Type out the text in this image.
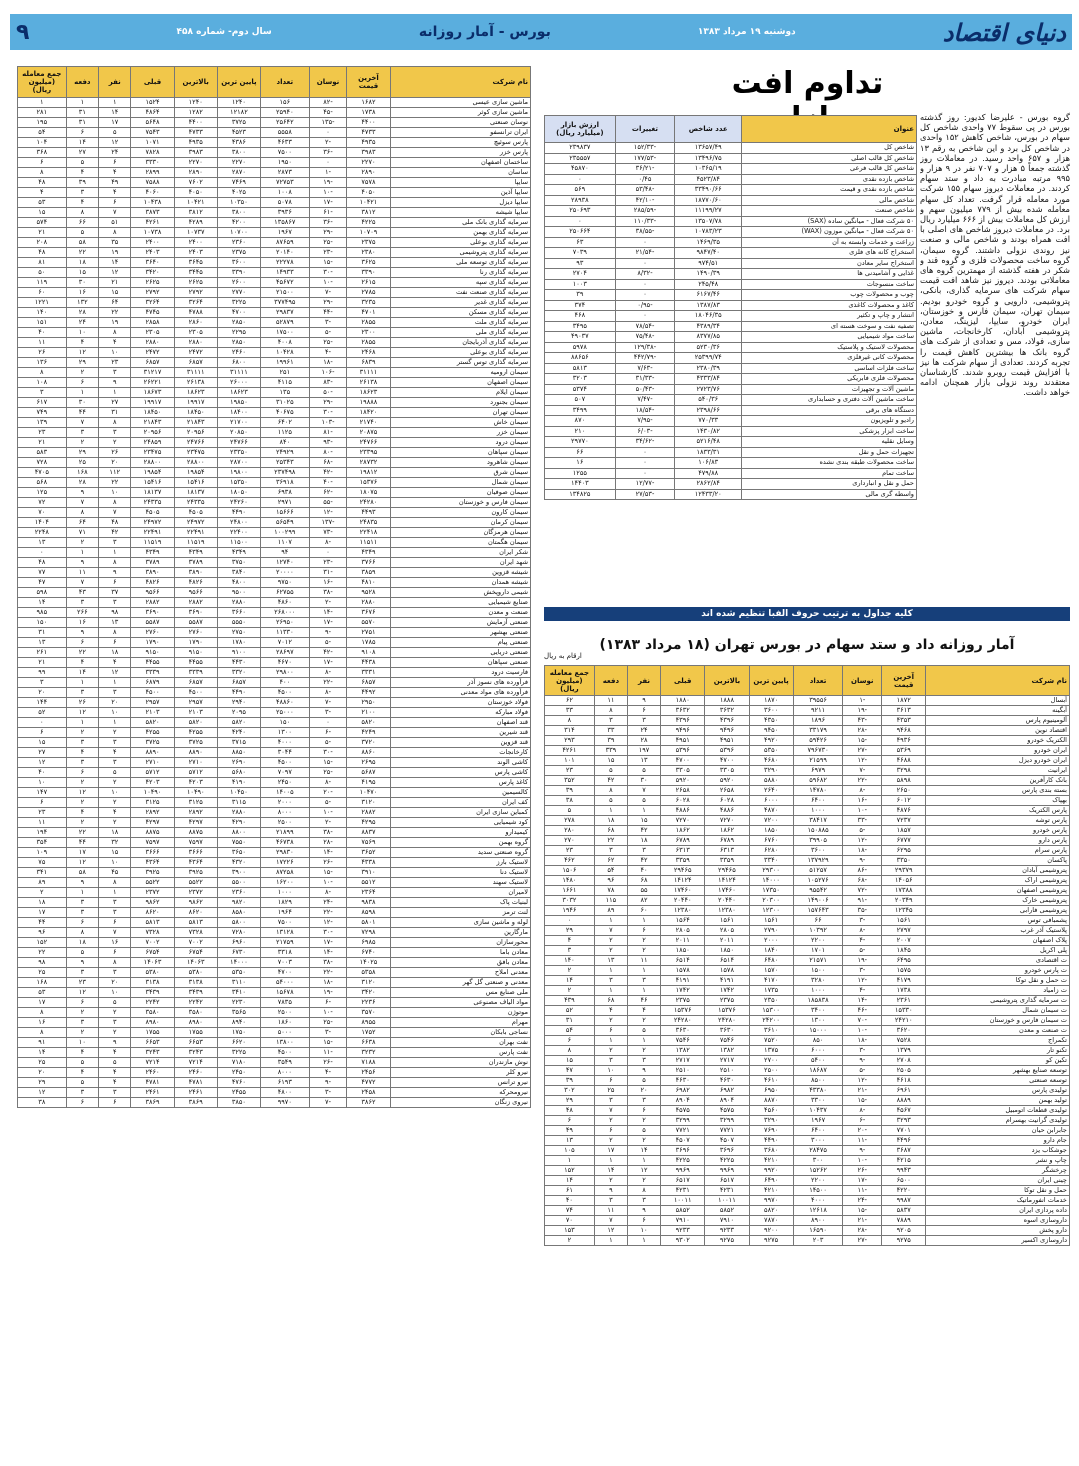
دنیای اقتصاد
دوشنبه ۱۹ مرداد ۱۳۸۳
بورس - آمار روزانه
سال دوم- شماره ۴۵۸
۹
تداوم افت
گروه بورس - علیرضا کدیور: روز گذشته بورس در پی سقوط ۷۷ واحدی شاخص کل سهام در بورس، شاخص کاهش ۱۵۲ واحدی در شاخص کل برد و این شاخص به رقم ۱۳ هزار و ۶۵۷ واحد رسید. در معاملات روز گذشته جمعاً ۵ هزار و ۷۰۷ نفر در ۹ هزار و ۹۹۵ مرتبه مبادرت به داد و ستد سهام کردند. در معاملات دیروز سهام ۱۵۵ شرکت مورد معامله قرار گرفت. تعداد کل سهام معامله شده بیش از ۷۷۹ میلیون سهم و ارزش کل معاملات بیش از ۶۶۶ میلیارد ریال برد. در معاملات دیروز شاخص های اصلی با افت همراه بودند و شاخص مالی و صنعت نیز روندی نزولی داشتند. گروه سیمان، گروه ساخت محصولات فلزی و گروه قند و شکر در هفته گذشته از مهمترین گروه های معاملاتی بودند. دیروز نیز شاهد افت قیمت سهام شرکت های سرمایه گذاری، بانکی، پتروشیمی، دارویی و گروه خودرو بودیم. سیمان تهران، سیمان فارس و خوزستان، ایران خودرو، سایپا، لیزینگ، معادن، پتروشیمی آبادان، کارخانجات، ماشین سازی، فولاد، مس و تعدادی از شرکت های گروه بانک ها بیشترین کاهش قیمت را تجربه کردند. تعدادی از سهام شرکت ها نیز با افزایش قیمت روبرو شدند. کارشناسان معتقدند روند نزولی بازار همچنان ادامه خواهد داشت.
عنوان	عدد شاخص	تغییرات	ارزش بازار (میلیارد ریال)
شاخص کل	۱۳۶۵۷/۴۹	-۱۵۲/۳۳	۲۳۹۸۳۷
شاخص کل قالب اصلی	۱۳۴۹۶/۷۵	-۱۷۷/۵۳	۲۳۵۵۵۷
شاخص کل قالب فرعی	۱۰۳۶۵/۱۹	-۳۶/۲۱	۴۵۸۷۰
شاخص بازده نقدی	۴۵۲۳/۸۴	۰/۴۵	۰
شاخص بازده نقدی و قیمت	۳۳۴۹۰/۶۶	-۵۳/۴۸	۵۶۹
شاخص مالی	۱۸۷۷۰/۶۰	-۴۲/۱۰	۲۸۹۳۸
شاخص صنعت	۱۱۱۹۹/۲۷	-۲۸۵/۵۹	۲۵۰۶۹۳
۵۰ شرکت فعال - میانگین ساده (SAX)	۱۳۵۰۷/۷۸	-۱۱۰/۳۳	۰
۵۰ شرکت فعال - میانگین موزون (WAX)	۱۰۷۸۳/۲۳	-۳۸/۵۵	۲۵۰۶۶۴
زراعت و خدمات وابسته به آن	۱۴۶۹/۳۵	۰	۶۳
استخراج کانه های فلزی	۹۸۴۷/۴۰	-۲۱/۵۴	۷۰۳۹
استخراج سایر معادن	۹۷۴/۵۱	۰	۹۳
غذایی و آشامیدنی ها	۱۴۹۰/۳۹	-۸/۳۲	۲۷۰۴
ساخت منسوجات	۲۴۵/۴۸	۰	۱۰۰۳
چوب و محصولات چوب	۶۱۶۷/۴۶	۰	۳۹
کاغذ و محصولات کاغذی	۱۳۸۷/۸۳	-۰/۹۵	۳۷۴
انتشار و چاپ و تکثیر	۱۸۰۴۶/۳۵	۰	۴۶۸
تصفیه نفت و سوخت هسته ای	۴۳۸۹/۳۴	-۷۸/۵۴	۳۴۹۵
ساخت مواد شیمیایی	۸۳۷۷/۸۵	-۷۵/۴۸	۴۹۰۳۷
محصولات لاستیک و پلاستیک	۵۲۳۰/۳۶	-۱۲۹/۳۸	۵۹۷۸
محصولات کانی غیرفلزی	۲۵۳۹۹/۷۴	-۴۴۲/۷۹	۸۸۶۵۶
ساخت فلزات اساسی	۲۳۸۰/۳۹	-۷/۶۳	۵۸۱۳
محصولات فلزی فابریکی	۴۳۳۳/۸۴	-۳۱/۳۳	۳۲۰۳
ماشین آلات و تجهیزات	۲۷۲۳/۷۶	-۵۰/۴۳	۵۳۷۴
ساخت ماشین آلات دفتری و حسابداری	۵۴۰/۳۶	-۷/۴۷	۵۰۷
دستگاه های برقی	۲۳۹۸/۶۶	-۱۸/۵۴	۳۴۹۹
رادیو و تلویزیون	۷۷۰/۳۳	-۷/۹۵	۸۷۰
ساخت ابزار پزشکی	۱۴۳۰/۸۲	-۶/۰۳	۲۱۰
وسایل نقلیه	۵۲۱۶/۴۸	-۳۴/۶۲	۲۹۷۷۰
تجهیزات حمل و نقل	۱۸۳۳/۳۱	۰	۶۶
ساخت محصولات طبقه بندی نشده	۱۰۶/۸۳	۰	۱۶
ساخت تمام	۴۷۹/۸۸	۰	۱۲۵۵
حمل و نقل و انبارداری	۲۸۶۲/۸۴	-۱۲/۷۷	۱۴۴۰۳
واسطه گری مالی	۱۲۴۳۳/۲۰	-۲۷/۵۳	۱۳۴۸۲۵
کلیه جداول به ترتیب حروف الفبا تنظیم شده اند
آمار روزانه داد و ستد سهام در بورس تهران (۱۸ مرداد ۱۳۸۳)
ارقام به ریال
نام شرکت	آخرین قیمت	نوسان	تعداد	پایین ترین	بالاترین	قبلی	نفر	دفعه	جمع معامله (میلیون ریال)
آبسال	۱۸۷۲	-۱	۳۹۵۵۶	۱۸۷۰	۱۸۸۸	۱۸۸۰	۹	۱۱	۶۲
آبگینه	۳۶۱۳	-۱۹	۹۲۱۱	۳۶۰۰	۳۶۳۲	۳۶۳۲	۶	۸	۳۳
آلومینیوم پارس	۴۳۵۳	-۴۳	۱۸۹۶	۴۳۵۰	۴۳۹۶	۴۳۹۶	۳	۳	۸
اقتصاد نوین	۹۴۶۸	-۲۸	۳۳۱۷۹	۹۴۵۰	۹۴۹۶	۹۴۹۶	۲۴	۳۳	۳۱۴
الکتریک خودرو	۴۹۳۶	-۱۵	۵۹۴۲۶	۴۹۲۰	۴۹۵۱	۴۹۵۱	۲۸	۳۹	۲۹۳
ایران خودرو	۵۳۶۹	-۲۷	۷۹۶۷۳۰	۵۳۵۰	۵۳۹۶	۵۳۹۶	۱۹۷	۳۳۹	۴۲۶۱
ایران خودرو دیزل	۴۶۸۸	-۱۲	۲۱۵۹۹	۴۶۸۰	۴۷۰۰	۴۷۰۰	۱۳	۱۵	۱۰۱
ایرانیت	۳۲۹۸	-۷	۶۹۷۹	۳۲۹۰	۳۳۰۵	۳۳۰۵	۵	۵	۲۳
بانک کارآفرین	۵۸۹۸	-۲۲	۵۹۶۸۲	۵۸۸۰	۵۹۲۰	۵۹۲۰	۳۰	۴۲	۳۵۲
بسته بندی پارس	۲۶۵۰	-۸	۱۴۷۸۰	۲۶۴۰	۲۶۵۸	۲۶۵۸	۷	۸	۳۹
بهپاک	۶۰۱۲	-۱۶	۶۴۰۰	۶۰۰۰	۶۰۲۸	۶۰۲۸	۵	۵	۳۸
پارس الکتریک	۴۸۷۶	-۱۰	۱۰۰۰	۴۸۷۰	۴۸۸۶	۴۸۸۶	۱	۱	۵
پارس توشه	۷۲۳۷	-۳۳	۳۸۴۱۷	۷۲۰۰	۷۲۷۰	۷۲۷۰	۱۵	۱۸	۲۷۸
پارس خودرو	۱۸۵۷	-۵	۱۵۰۸۸۵	۱۸۵۰	۱۸۶۲	۱۸۶۲	۴۲	۶۸	۲۸۰
پارس دارو	۶۷۷۷	-۱۲	۳۹۹۰۵	۶۷۶۰	۶۷۸۹	۶۷۸۹	۱۸	۲۲	۲۷۰
پارس سرام	۶۲۹۵	-۱۸	۳۶۰۰	۶۲۸۰	۶۳۱۳	۶۳۱۳	۳	۳	۲۳
پاکسان	۳۳۵۰	-۹	۱۳۷۹۲۹	۳۳۴۰	۳۳۵۹	۳۳۵۹	۴۲	۶۲	۴۶۲
پتروشیمی آبادان	۲۹۳۷۹	-۸۶	۵۱۲۵۷	۲۹۳۰۰	۲۹۴۶۵	۲۹۴۶۵	۴۰	۵۴	۱۵۰۶
پتروشیمی اراک	۱۴۰۵۶	-۶۸	۱۰۵۲۷۶	۱۴۰۰۰	۱۴۱۲۴	۱۴۱۲۴	۶۸	۹۶	۱۴۸۰
پتروشیمی اصفهان	۱۷۳۸۸	-۷۲	۹۵۵۴۲	۱۷۳۵۰	۱۷۴۶۰	۱۷۴۶۰	۵۵	۷۸	۱۶۶۱
پتروشیمی خارک	۲۰۳۴۹	-۹۱	۱۴۹۰۰۶	۲۰۳۰۰	۲۰۴۴۰	۲۰۴۴۰	۸۲	۱۱۵	۳۰۳۲
پتروشیمی فارابی	۱۲۳۴۵	-۳۵	۱۵۷۶۴۳	۱۲۳۰۰	۱۲۳۸۰	۱۲۳۸۰	۶۰	۸۹	۱۹۴۶
پشمبافی توس	۱۵۶۱	-۳	۶۶	۱۵۶۱	۱۵۶۱	۱۵۶۴	۱	۱	۰
پلاستیک آذر غرب	۲۷۹۷	-۸	۱۰۳۹۲	۲۷۹۰	۲۸۰۵	۲۸۰۵	۶	۷	۲۹
پلاک اصفهان	۲۰۰۷	-۴	۲۲۰۰	۲۰۰۰	۲۰۱۱	۲۰۱۱	۲	۲	۴
پلی اکریل	۱۸۴۵	-۵	۱۷۰۱	۱۸۴۰	۱۸۵۰	۱۸۵۰	۲	۲	۳
ت اقتصادی	۶۴۹۵	-۱۹	۲۱۵۷۱	۶۴۸۰	۶۵۱۴	۶۵۱۴	۱۱	۱۳	۱۴۰
ت پارس خودرو	۱۵۷۵	-۳	۱۵۰۰	۱۵۷۰	۱۵۷۸	۱۵۷۸	۱	۱	۲
ت حمل و نقل توکا	۴۱۷۹	-۱۲	۳۲۸۰	۴۱۷۰	۴۱۹۱	۴۱۹۱	۳	۳	۱۴
ت زامیاد	۱۷۳۸	-۴	۱۰۰۰	۱۷۳۵	۱۷۴۲	۱۷۴۲	۱	۱	۲
ت سرمایه گذاری پتروشیمی	۲۳۶۱	-۱۴	۱۸۵۸۳۸	۲۳۵۰	۲۳۷۵	۲۳۷۵	۴۶	۶۸	۴۳۹
ت سیمان شمال	۱۵۳۳۰	-۴۶	۳۴۰۰	۱۵۳۰۰	۱۵۳۷۶	۱۵۳۷۶	۴	۴	۵۲
ت سیمان فارس و خوزستان	۲۴۲۱۰	-۷۰	۱۳۰۰	۲۴۲۰۰	۲۴۲۸۰	۲۴۲۸۰	۲	۲	۳۱
ت صنعت و معدن	۳۶۲۰	-۱۰	۱۵۰۰۰	۳۶۱۰	۳۶۳۰	۳۶۳۰	۵	۶	۵۴
تکمراج	۷۵۲۸	-۱۸	۸۵۰	۷۵۲۰	۷۵۴۶	۷۵۴۶	۱	۱	۶
تکنو تار	۱۳۷۹	-۳	۶۰۰۰	۱۳۷۵	۱۳۸۲	۱۳۸۲	۲	۲	۸
تکین کو	۲۷۰۸	-۹	۵۴۰۰	۲۷۰۰	۲۷۱۷	۲۷۱۷	۳	۳	۱۵
توسعه صنایع بهشهر	۲۵۰۵	-۵	۱۸۶۸۷	۲۵۰۰	۲۵۱۰	۲۵۱۰	۹	۱۰	۴۷
توسعه صنعتی	۴۶۱۸	-۱۲	۸۵۰۰	۴۶۱۰	۴۶۳۰	۴۶۳۰	۵	۶	۳۹
تولیدی پارس	۶۹۶۱	-۲۱	۴۳۳۸۰	۶۹۵۰	۶۹۸۲	۶۹۸۲	۲۰	۲۵	۳۰۲
تولید بهمن	۸۸۸۹	-۱۵	۳۳۰۰	۸۸۷۰	۸۹۰۴	۸۹۰۴	۳	۳	۲۹
تولیدی قطعات اتومبیل	۴۵۶۷	-۸	۱۰۴۳۷	۴۵۶۰	۴۵۷۵	۴۵۷۵	۶	۷	۴۸
تولیدی گرانیت بهسرام	۳۲۹۳	-۶	۱۹۶۷	۳۲۹۰	۳۲۹۹	۳۲۹۹	۲	۲	۶
جابرابن حیان	۷۷۰۱	-۲۰	۶۴۰۰	۷۶۹۰	۷۷۲۱	۷۷۲۱	۵	۶	۴۹
جام دارو	۴۴۹۶	-۱۱	۳۰۰۰	۴۴۹۰	۴۵۰۷	۴۵۰۷	۲	۲	۱۳
جوشکاب یزد	۳۶۸۷	-۹	۲۸۴۷۵	۳۶۸۰	۳۶۹۶	۳۶۹۶	۱۴	۱۷	۱۰۵
چاپ و نشر	۴۲۱۵	-۱۰	۳۰۰	۴۲۱۰	۴۲۲۵	۴۲۲۵	۱	۱	۱
چرخشگر	۹۹۴۳	-۲۶	۱۵۲۶۲	۹۹۲۰	۹۹۶۹	۹۹۶۹	۱۲	۱۴	۱۵۲
چینی ایران	۶۵۰۰	-۱۷	۲۲۰۰	۶۴۹۰	۶۵۱۷	۶۵۱۷	۲	۲	۱۴
حمل و نقل توکا	۴۲۲۰	-۱۱	۱۴۵۰۰	۴۲۱۰	۴۲۳۱	۴۲۳۱	۸	۹	۶۱
خدمات انفورماتیک	۹۹۸۷	-۲۴	۴۰۰۰	۹۹۷۰	۱۰۰۱۱	۱۰۰۱۱	۳	۳	۴۰
داده پردازی ایران	۵۸۳۷	-۱۵	۱۲۶۱۸	۵۸۲۰	۵۸۵۲	۵۸۵۲	۹	۱۱	۷۴
داروسازی اسوه	۷۸۸۹	-۲۱	۸۹۰۰	۷۸۷۰	۷۹۱۰	۷۹۱۰	۶	۷	۷۰
دارو پخش	۹۲۰۵	-۲۸	۱۶۵۹۰	۹۲۰۰	۹۲۳۳	۹۲۳۳	۱۰	۱۲	۱۵۳
داروسازی اکسیر	۹۲۷۵	-۲۷	۲۰۳	۹۲۷۵	۹۲۷۵	۹۳۰۲	۱	۱	۲
نام شرکت	آخرین قیمت	نوسان	تعداد	پایین ترین	بالاترین	قبلی	نفر	دفعه	جمع معامله (میلیون ریال)
ماشین سازی عیسی	۱۶۸۲	-۸۲	۱۵۶	۱۲۴۰	۱۲۴۰	۱۵۲۴	۱	۱	۱
ماشین سازی کوثر	۱۷۳۸	-۴۵	۲۵۹۴۰	۱۲۱۸۲	۱۲۸۲	۴۸۶۴	۱۴	۳۱	۲۸۱
نوسان صنعتی	۴۴۰۰	-۱۳۵	۲۵۶۴۲	۳۷۲۵	۴۴۰۰	۵۶۴۸	۱۷	۳۱	۱۹۵
ایران ترانسفو	۴۷۳۳	۰	۵۵۵۸	۴۵۲۳	۴۷۳۳	۷۵۴۳	۵	۶	۵۴
پارس سوئیچ	۴۹۳۵	-۲	۴۶۳۳	۴۳۸۶	۴۹۳۵	۱۰۷۱	۱۲	۱۴	۱۰۴
پارس خزر	۳۹۸۳	-۳۶	۷۵۰۰	۳۸۰۰	۳۹۸۳	۷۸۲۸	۲۴	۲۷	۳۶۸
ساختمان اصفهان	۲۲۷۰	۰	۱۹۵۰	۲۲۷۰	۲۲۷۰	۳۳۳۰	۶	۵	۶
ساسان	۲۸۹۰	-۱	۲۸۷۳	۲۸۷۰	۲۸۹۰	۲۸۹۹	۴	۴	۸
سایپا	۷۵۷۸	-۱۹	۷۲۷۵۳	۷۴۶۹	۷۶۰۲	۷۵۸۸	۴۹	۳۹	۴۸
سایپا آذین	۴۰۵۰	-۱۰	۱۰۰۸	۴۰۲۵	۴۰۵۰	۴۰۶۰	۴	۳	۴
سایپا دیزل	۱۰۴۲۱	-۱۷	۵۰۷۸	۱۰۳۵۰	۱۰۴۲۱	۱۰۴۳۸	۶	۴	۵۳
سایپا شیشه	۳۸۱۲	-۶۱	۳۹۳۶	۳۸۰۰	۳۸۱۲	۳۸۷۳	۷	۸	۱۵
سرمایه گذاری بانک ملی	۴۲۲۵	-۳۶	۱۳۵۸۶۷	۴۲۰۰	۴۲۸۹	۴۲۶۱	۵۱	۶۶	۵۷۴
سرمایه گذاری بهمن	۱۰۷۰۹	-۲۹	۱۹۶۷	۱۰۷۰۰	۱۰۷۳۷	۱۰۷۳۸	۸	۵	۲۱
سرمایه گذاری بوعلی	۲۳۷۵	-۲۵	۸۷۶۵۹	۲۳۶۰	۲۴۰۰	۲۴۰۰	۳۵	۵۸	۲۰۸
سرمایه گذاری پتروشیمی	۲۳۸۰	-۲۳	۲۰۱۴۰	۲۳۷۵	۲۴۰۳	۲۴۰۳	۱۹	۲۲	۴۸
سرمایه گذاری توسعه ملی	۳۶۲۵	-۱۵	۲۲۲۷۸	۳۶۰۰	۳۶۴۵	۳۶۴۰	۱۴	۱۸	۸۱
سرمایه گذاری رنا	۳۳۹۰	-۳۰	۱۴۹۳۳	۳۳۹۰	۳۴۴۵	۳۴۲۰	۱۲	۱۵	۵۰
سرمایه گذاری سپه	۲۶۱۵	-۱۰	۴۵۶۷۲	۲۶۰۰	۲۶۲۵	۲۶۲۵	۲۱	۳۰	۱۱۹
سرمایه گذاری صنعت نفت	۲۷۸۵	-۷	۲۱۵۰۰	۲۷۷۰	۲۷۹۲	۲۷۹۲	۱۵	۱۶	۶۰
سرمایه گذاری غدیر	۳۲۳۵	-۲۹	۳۷۷۴۹۵	۳۲۲۵	۳۲۶۴	۳۲۶۴	۶۴	۱۳۲	۱۲۲۱
سرمایه گذاری مسکن	۴۷۰۱	-۴۴	۲۹۸۳۷	۴۷۰۰	۴۷۸۸	۴۷۴۵	۲۲	۲۸	۱۴۰
سرمایه گذاری ملت	۲۸۵۵	-۳	۵۲۸۷۹	۲۸۵۰	۲۸۶۰	۲۸۵۸	۱۹	۲۴	۱۵۱
سرمایه گذاری ملی	۲۳۰۰	-۵	۱۷۵۰۰	۲۲۹۵	۲۳۰۵	۲۳۰۵	۸	۱۰	۴۰
سرمایه گذاری آذربایجان	۲۸۵۵	-۲۵	۴۰۰۸	۲۸۵۰	۲۸۸۰	۲۸۸۰	۴	۴	۱۱
سرمایه گذاری بوعلی	۲۴۶۸	-۴	۱۰۴۲۸	۲۴۶۰	۲۴۷۲	۲۴۷۲	۱۰	۱۲	۲۶
سرمایه گذاری توس گستر	۶۸۳۹	-۱۸	۱۹۹۶۱	۶۸۰۰	۶۸۵۷	۶۸۵۷	۲۳	۲۹	۱۳۶
سیمان ارومیه	۳۱۱۱۱	-۱۰۶	۲۵۱	۳۱۱۱۱	۳۱۱۱۱	۳۱۲۱۷	۳	۲	۸
سیمان اصفهان	۲۶۱۳۸	-۸۳	۴۱۱۵	۲۶۰۰۰	۲۶۱۳۸	۲۶۲۲۱	۹	۶	۱۰۸
سیمان ایلام	۱۸۶۲۳	-۵۰	۱۳۵	۱۸۶۲۳	۱۸۶۲۳	۱۸۶۷۳	۱	۱	۳
سیمان بجنورد	۱۹۸۸۸	-۲۹	۳۱۰۲۵	۱۹۸۵۰	۱۹۹۱۷	۱۹۹۱۷	۲۷	۳۰	۶۱۷
سیمان تهران	۱۸۴۲۰	-۳۰	۴۰۶۷۵	۱۸۴۰۰	۱۸۴۵۰	۱۸۴۵۰	۳۱	۴۴	۷۴۹
سیمان خاش	۲۱۷۴۰	-۱۰۳	۶۴۰۲	۲۱۷۰۰	۲۱۸۴۳	۲۱۸۴۳	۸	۷	۱۳۹
سیمان خزر	۲۰۸۷۵	-۸۱	۱۱۲۵	۲۰۸۵۰	۲۰۹۵۶	۲۰۹۵۶	۳	۳	۲۳
سیمان درود	۲۴۷۶۶	-۹۳	۸۴۰	۲۴۷۶۶	۲۴۷۶۶	۲۴۸۵۹	۲	۲	۲۱
سیمان سپاهان	۲۳۳۹۵	-۸۰	۲۴۹۲۹	۲۳۳۵۰	۲۳۴۷۵	۲۳۴۷۵	۲۶	۲۹	۵۸۳
سیمان شاهرود	۲۸۷۳۲	-۶۸	۲۵۳۴۳	۲۸۷۰۰	۲۸۸۰۰	۲۸۸۰۰	۲۰	۲۵	۷۲۸
سیمان شرق	۱۹۸۱۲	-۴۲	۲۳۷۴۹۸	۱۹۸۰۰	۱۹۸۵۴	۱۹۸۵۴	۱۱۲	۱۶۸	۴۷۰۵
سیمان شمال	۱۵۳۷۶	-۴۰	۳۶۹۱۸	۱۵۳۵۰	۱۵۴۱۶	۱۵۴۱۶	۲۲	۲۸	۵۶۸
سیمان صوفیان	۱۸۰۷۵	-۶۲	۶۹۳۸	۱۸۰۵۰	۱۸۱۳۷	۱۸۱۳۷	۱۰	۹	۱۲۵
سیمان فارس و خوزستان	۲۴۲۸۰	-۵۵	۲۹۷۱	۲۴۲۶۰	۲۴۳۳۵	۲۴۳۳۵	۸	۷	۷۲
سیمان کارون	۴۴۹۳	-۱۲	۱۵۶۶۶	۴۴۹۰	۴۵۰۵	۴۵۰۵	۷	۸	۷۰
سیمان کرمان	۲۴۸۳۵	-۱۳۷	۵۶۵۴۹	۲۴۸۰۰	۲۴۹۷۲	۲۴۹۷۲	۴۸	۶۴	۱۴۰۴
سیمان هرمزگان	۲۲۴۱۸	-۷۳	۱۰۰۲۹۹	۲۲۴۰۰	۲۲۴۹۱	۲۲۴۹۱	۴۲	۷۱	۲۲۴۸
سیمان هگمتان	۱۱۵۱۱	-۸	۱۱۰۷	۱۱۵۰۰	۱۱۵۱۹	۱۱۵۱۹	۳	۲	۱۳
شکر ایران	۴۳۴۹	۰	۹۴	۴۳۴۹	۴۳۴۹	۴۳۴۹	۱	۱	۰
شهد ایران	۳۷۶۶	-۲۳	۱۲۷۴۰	۳۷۵۰	۳۷۸۹	۳۷۸۹	۸	۹	۴۸
شیشه قزوین	۳۸۵۹	-۳۱	۲۰۰۰۰	۳۸۴۰	۳۸۹۰	۳۸۹۰	۹	۱۱	۷۷
شیشه همدان	۴۸۱۰	-۱۶	۹۷۵۰	۴۸۰۰	۴۸۲۶	۴۸۲۶	۶	۷	۴۷
شیمی داروپخش	۹۵۲۸	-۳۸	۶۲۷۵۵	۹۵۰۰	۹۵۶۶	۹۵۶۶	۳۷	۴۳	۵۹۸
صنایع شیمیایی	۲۸۸۰	-۲	۴۸۶۰	۲۸۸۰	۲۸۸۲	۲۸۸۲	۳	۳	۱۴
صنعت و معدن	۳۶۷۶	-۱۴	۲۶۸۰۰۰	۳۶۶۰	۳۶۹۰	۳۶۹۰	۹۸	۲۶۶	۹۸۵
صنعتی آزمایش	۵۵۷۰	-۱۷	۲۶۹۵۰	۵۵۵۰	۵۵۸۷	۵۵۸۷	۱۳	۱۶	۱۵۰
صنعتی بهشهر	۲۷۵۱	-۹	۱۱۳۳۰	۲۷۵۰	۲۷۶۰	۲۷۶۰	۸	۹	۳۱
صنعتی پیام	۱۷۸۵	-۵	۷۰۱۲	۱۷۸۰	۱۷۹۰	۱۷۹۰	۶	۶	۱۳
صنعتی دریایی	۹۱۰۸	-۴۲	۲۸۶۹۷	۹۱۰۰	۹۱۵۰	۹۱۵۰	۱۸	۲۲	۲۶۱
صنعتی سپاهان	۴۴۳۸	-۱۷	۴۶۷۰	۴۴۳۰	۴۴۵۵	۴۴۵۵	۴	۴	۲۱
فارسیت درود	۳۳۳۱	-۸	۲۹۸۰۰	۳۳۲۰	۳۳۳۹	۳۳۳۹	۱۲	۱۴	۹۹
فرآورده های نسوز آذر	۶۸۵۷	-۲۲	۴۰۰	۶۸۵۷	۶۸۵۷	۶۸۷۹	۱	۱	۳
فرآورده های مواد معدنی	۴۴۹۲	-۸	۴۵۰۰	۴۴۹۰	۴۵۰۰	۴۵۰۰	۳	۳	۲۰
فولاد خوزستان	۲۹۵۰	-۷	۴۸۸۶۰	۲۹۴۰	۲۹۵۷	۲۹۵۷	۲۰	۲۶	۱۴۴
فولاد مبارکه	۲۱۰۰	-۳	۲۵۰۰۰	۲۰۹۵	۲۱۰۳	۲۱۰۳	۱۰	۱۲	۵۲
قند اصفهان	۵۸۲۰	۰	۱۵۰	۵۸۲۰	۵۸۲۰	۵۸۲۰	۱	۱	۰
قند شیرین	۴۲۴۹	-۶	۱۳۰۰	۴۲۴۰	۴۲۵۵	۴۲۵۵	۲	۲	۶
قند قزوین	۳۷۲۰	-۵	۴۰۰۰	۳۷۱۵	۳۷۲۵	۳۷۲۵	۳	۳	۱۵
کارخانجات	۸۸۶۰	-۳۰	۳۰۴۴	۸۸۵۰	۸۸۹۰	۸۸۹۰	۴	۴	۲۷
کاشی الوند	۲۶۹۵	-۱۵	۴۵۰۰	۲۶۹۰	۲۷۱۰	۲۷۱۰	۳	۳	۱۲
کاشی پارس	۵۶۸۷	-۲۵	۷۰۹۷	۵۶۸۰	۵۷۱۲	۵۷۱۲	۵	۶	۴۰
کاغذ پارس	۴۱۹۵	-۸	۲۴۵۰	۴۱۹۰	۴۲۰۳	۴۲۰۳	۲	۲	۱۰
کالسیمین	۱۰۴۷۰	-۲۰	۱۴۰۰۵	۱۰۴۵۰	۱۰۴۹۰	۱۰۴۹۰	۱۰	۱۲	۱۴۷
کف ایران	۳۱۲۰	-۵	۲۰۰۰	۳۱۱۵	۳۱۲۵	۳۱۲۵	۲	۲	۶
کمباین سازی ایران	۲۸۸۲	-۱۰	۸۰۰۰	۲۸۸۰	۲۸۹۲	۲۸۹۲	۴	۴	۲۳
کود شیمیایی	۴۲۹۵	-۲	۲۵۰۰	۴۲۹۰	۴۲۹۷	۴۲۹۷	۲	۲	۱۱
کیمیدارو	۸۸۳۷	-۳۸	۲۱۸۹۹	۸۸۰۰	۸۸۷۵	۸۸۷۵	۱۸	۲۲	۱۹۴
گروه بهمن	۷۵۶۹	-۲۸	۴۶۷۳۸	۷۵۵۰	۷۵۹۷	۷۵۹۷	۳۲	۴۴	۳۵۴
گروه صنعتی سدید	۳۶۵۲	-۱۴	۲۹۸۳۰	۳۶۵۰	۳۶۶۶	۳۶۶۶	۱۵	۱۷	۱۰۹
لاستیک بارز	۴۳۳۸	-۲۶	۱۷۲۲۶	۴۳۲۰	۴۳۶۴	۴۳۶۴	۱۰	۱۲	۷۵
لاستیک دنا	۳۹۱۰	-۱۵	۸۷۲۵۸	۳۹۰۰	۳۹۲۵	۳۹۲۵	۴۵	۵۸	۳۴۱
لاستیک سهند	۵۵۱۲	-۱۰	۱۶۲۰۰	۵۵۰۰	۵۵۲۲	۵۵۲۲	۸	۹	۸۹
لامیران	۲۳۶۴	-۸	۱۰۰۰	۲۳۶۰	۲۳۷۲	۲۳۷۲	۱	۱	۲
لبنیات پاک	۹۸۳۸	-۲۴	۱۸۲۹	۹۸۲۰	۹۸۶۲	۹۸۶۲	۳	۳	۱۸
لنت ترمز	۸۵۹۸	-۲۲	۱۹۶۴	۸۵۸۰	۸۶۲۰	۸۶۲۰	۳	۳	۱۷
لوله و ماشین سازی	۵۸۰۱	-۱۲	۷۵۰۰	۵۸۰۰	۵۸۱۳	۵۸۱۳	۶	۶	۴۴
مارگارین	۷۲۹۸	-۳۰	۱۳۱۲۸	۷۲۸۰	۷۳۲۸	۷۳۲۸	۷	۸	۹۶
محورسازان	۶۹۸۵	-۱۷	۲۱۷۵۹	۶۹۶۰	۷۰۰۲	۷۰۰۲	۱۶	۱۸	۱۵۲
معادن باما	۶۷۴۰	-۱۴	۳۳۱۸	۶۷۳۰	۶۷۵۴	۶۷۵۴	۶	۵	۲۲
معادن بافق	۱۴۰۲۵	-۳۸	۷۰۰۳	۱۴۰۰۰	۱۴۰۶۳	۱۴۰۶۳	۸	۹	۹۸
معدنی املاح	۵۳۵۸	-۲۲	۴۷۰۰	۵۳۵۰	۵۳۸۰	۵۳۸۰	۳	۳	۲۵
معدنی و صنعتی گل گهر	۳۱۲۰	-۱۸	۵۴۰۰۰	۳۱۱۰	۳۱۳۸	۳۱۳۸	۲۰	۲۳	۱۶۸
ملی صنایع مس	۳۴۲۰	-۱۹	۱۵۶۷۸	۳۴۱۰	۳۴۳۹	۳۴۳۹	۱۰	۱۲	۵۳
مواد الیاف مصنوعی	۲۲۳۶	-۶	۷۸۳۵	۲۲۳۰	۲۲۴۲	۲۲۴۲	۵	۶	۱۷
موتوژن	۳۵۷۰	-۱۰	۲۵۰۰	۳۵۶۵	۳۵۸۰	۳۵۸۰	۲	۲	۸
مهرام	۸۹۵۵	-۲۵	۱۸۶۰	۸۹۴۰	۸۹۸۰	۸۹۸۰	۳	۳	۱۶
نساجی بابکان	۱۷۵۲	-۳	۵۰۰۰	۱۷۵۰	۱۷۵۵	۱۷۵۵	۲	۲	۸
نفت بهران	۶۶۳۸	-۱۵	۱۳۸۰۰	۶۶۲۰	۶۶۵۳	۶۶۵۳	۹	۱۰	۹۱
نفت پارس	۳۲۳۲	-۱۱	۴۵۰۰	۳۲۲۵	۳۲۴۳	۳۲۴۳	۴	۴	۱۴
نوش مازندران	۷۱۸۸	-۲۶	۳۵۴۹	۷۱۸۰	۷۲۱۴	۷۲۱۴	۵	۵	۲۵
نیرو کلر	۲۴۵۶	-۴	۸۰۰۰	۲۴۵۰	۲۴۶۰	۲۴۶۰	۴	۴	۲۰
نیرو ترانس	۴۷۷۲	-۹	۶۱۹۳	۴۷۶۰	۴۷۸۱	۴۷۸۱	۴	۵	۲۹
نیرومحرکه	۲۴۵۸	-۳	۴۸۰۰	۲۴۵۵	۲۴۶۱	۲۴۶۱	۳	۳	۱۲
نیروی زنگان	۳۸۶۲	-۷	۹۹۷۰	۳۸۵۰	۳۸۶۹	۳۸۶۹	۶	۶	۳۸
